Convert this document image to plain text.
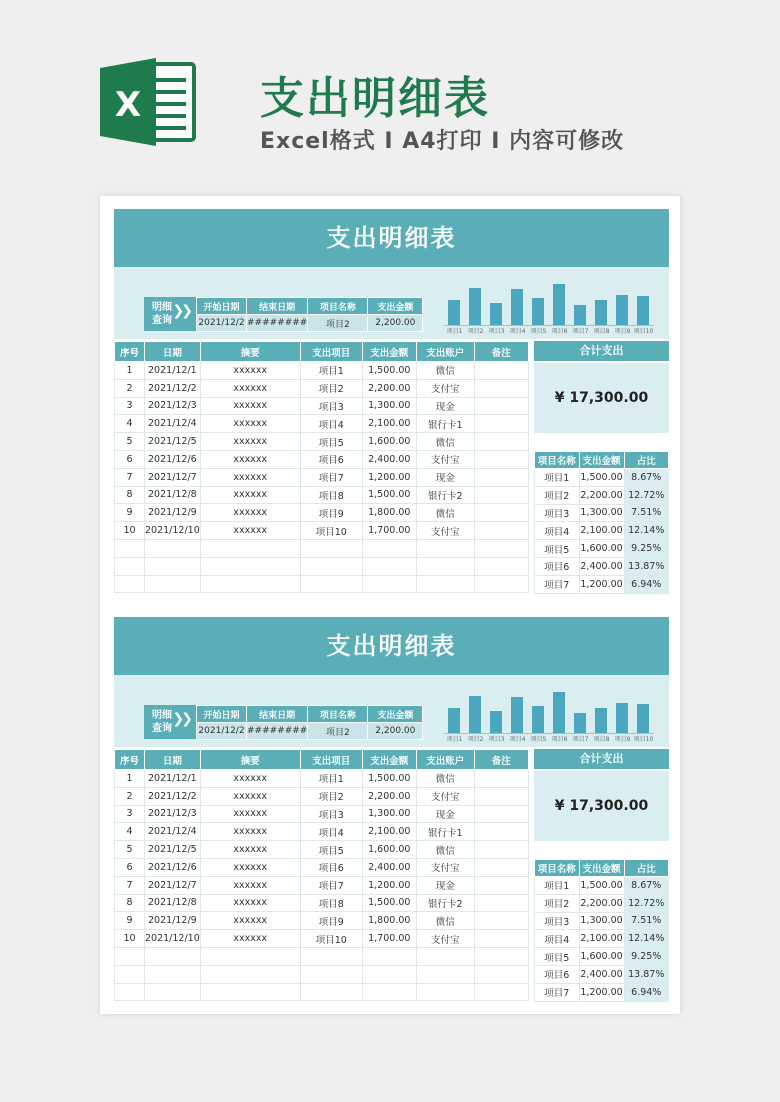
X	支出明细表
Excel格式 I A4打印 I 内容可修改
支出明细表
明细
查询
❯❯ 开始日期	结束日期	项目名称	支出金额
2021/12/2	########	项目2	2,200.00
项目1 项目2 项目3 项目4 项目5 项目6 项目7 项目8 项目9 项目10
序号	日期	摘要	支出项目	支出金额	支出账户	备注
1	2021/12/1	xxxxxx	项目1	1,500.00	微信	
2	2021/12/2	xxxxxx	项目2	2,200.00	支付宝	
3	2021/12/3	xxxxxx	项目3	1,300.00	现金	
4	2021/12/4	xxxxxx	项目4	2,100.00	银行卡1	
5	2021/12/5	xxxxxx	项目5	1,600.00	微信	
6	2021/12/6	xxxxxx	项目6	2,400.00	支付宝	
7	2021/12/7	xxxxxx	项目7	1,200.00	现金	
8	2021/12/8	xxxxxx	项目8	1,500.00	银行卡2	
9	2021/12/9	xxxxxx	项目9	1,800.00	微信	
10	2021/12/10	xxxxxx	项目10	1,700.00	支付宝	

合计支出
¥ 17,300.00
项目名称	支出金额	占比
项目1	1,500.00	8.67%
项目2	2,200.00	12.72%
项目3	1,300.00	7.51%
项目4	2,100.00	12.14%
项目5	1,600.00	9.25%
项目6	2,400.00	13.87%
项目7	1,200.00	6.94%
支出明细表
明细
查询
❯❯ 开始日期	结束日期	项目名称	支出金额
2021/12/2	########	项目2	2,200.00
项目1 项目2 项目3 项目4 项目5 项目6 项目7 项目8 项目9 项目10
序号	日期	摘要	支出项目	支出金额	支出账户	备注
1	2021/12/1	xxxxxx	项目1	1,500.00	微信	
2	2021/12/2	xxxxxx	项目2	2,200.00	支付宝	
3	2021/12/3	xxxxxx	项目3	1,300.00	现金	
4	2021/12/4	xxxxxx	项目4	2,100.00	银行卡1	
5	2021/12/5	xxxxxx	项目5	1,600.00	微信	
6	2021/12/6	xxxxxx	项目6	2,400.00	支付宝	
7	2021/12/7	xxxxxx	项目7	1,200.00	现金	
8	2021/12/8	xxxxxx	项目8	1,500.00	银行卡2	
9	2021/12/9	xxxxxx	项目9	1,800.00	微信	
10	2021/12/10	xxxxxx	项目10	1,700.00	支付宝	

合计支出
¥ 17,300.00
项目名称	支出金额	占比
项目1	1,500.00	8.67%
项目2	2,200.00	12.72%
项目3	1,300.00	7.51%
项目4	2,100.00	12.14%
项目5	1,600.00	9.25%
项目6	2,400.00	13.87%
项目7	1,200.00	6.94%
